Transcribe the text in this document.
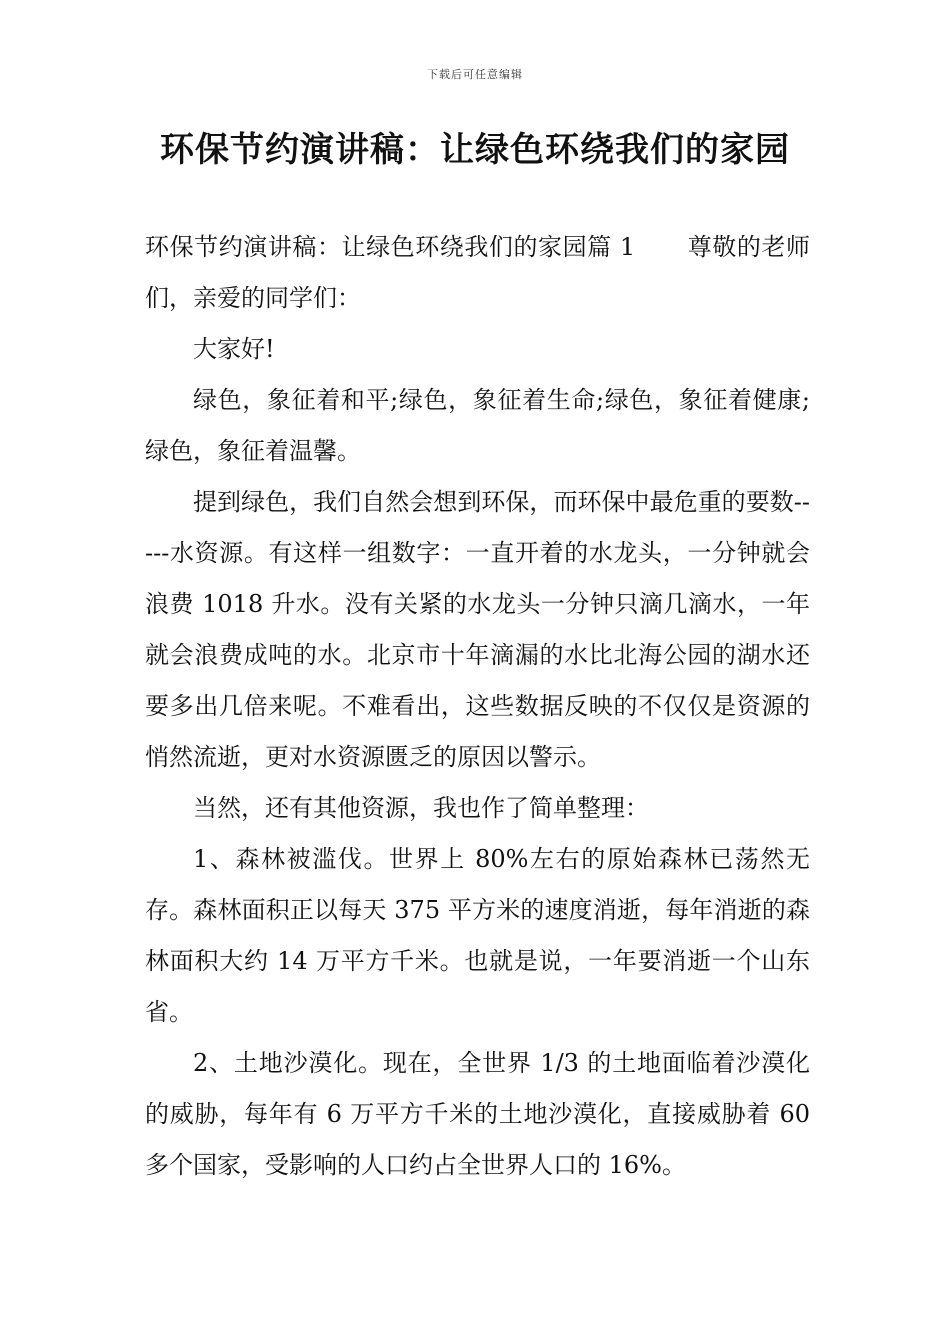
下载后可任意编辑
环保节约演讲稿：让绿色环绕我们的家园

环保节约演讲稿：让绿色环绕我们的家园篇 1 尊敬的老师们，亲爱的同学们：

大家好!

绿色，象征着和平;绿色，象征着生命;绿色，象征着健康;绿色，象征着温馨。

提到绿色，我们自然会想到环保，而环保中最危重的要数-----水资源。有这样一组数字：一直开着的水龙头，一分钟就会浪费 1018 升水。没有关紧的水龙头一分钟只滴几滴水，一年就会浪费成吨的水。北京市十年滴漏的水比北海公园的湖水还要多出几倍来呢。不难看出，这些数据反映的不仅仅是资源的悄然流逝，更对水资源匮乏的原因以警示。

当然，还有其他资源，我也作了简单整理：

1、森林被滥伐。世界上 80%左右的原始森林已荡然无存。森林面积正以每天 375 平方米的速度消逝，每年消逝的森林面积大约 14 万平方千米。也就是说，一年要消逝一个山东省。

2、土地沙漠化。现在，全世界 1/3 的土地面临着沙漠化的威胁，每年有 6 万平方千米的土地沙漠化，直接威胁着 60 多个国家，受影响的人口约占全世界人口的 16%。
